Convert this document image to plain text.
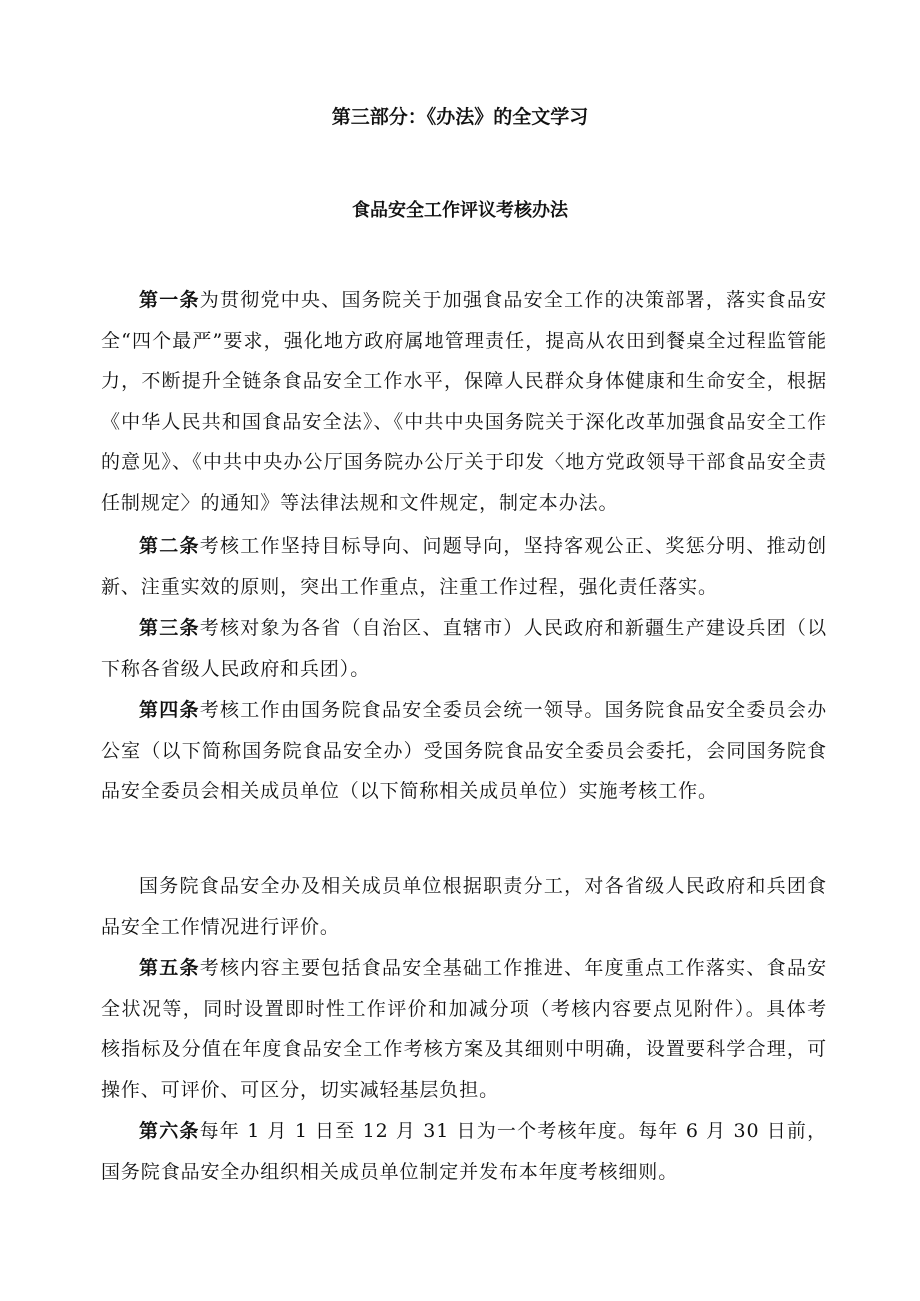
第三部分：《办法》的全文学习
食品安全工作评议考核办法

第一条为贯彻党中央、国务院关于加强食品安全工作的决策部署，落实食品安全“四个最严”要求，强化地方政府属地管理责任，提高从农田到餐桌全过程监管能力，不断提升全链条食品安全工作水平，保障人民群众身体健康和生命安全，根据《中华人民共和国食品安全法》、《中共中央国务院关于深化改革加强食品安全工作的意见》、《中共中央办公厅国务院办公厅关于印发〈地方党政领导干部食品安全责任制规定〉的通知》等法律法规和文件规定，制定本办法。

第二条考核工作坚持目标导向、问题导向，坚持客观公正、奖惩分明、推动创新、注重实效的原则，突出工作重点，注重工作过程，强化责任落实。

第三条考核对象为各省（自治区、直辖市）人民政府和新疆生产建设兵团（以下称各省级人民政府和兵团）。

第四条考核工作由国务院食品安全委员会统一领导。国务院食品安全委员会办公室（以下简称国务院食品安全办）受国务院食品安全委员会委托，会同国务院食品安全委员会相关成员单位（以下简称相关成员单位）实施考核工作。

国务院食品安全办及相关成员单位根据职责分工，对各省级人民政府和兵团食品安全工作情况进行评价。

第五条考核内容主要包括食品安全基础工作推进、年度重点工作落实、食品安全状况等，同时设置即时性工作评价和加减分项（考核内容要点见附件）。具体考核指标及分值在年度食品安全工作考核方案及其细则中明确，设置要科学合理，可操作、可评价、可区分，切实减轻基层负担。

第六条每年 1 月 1 日至 12 月 31 日为一个考核年度。每年 6 月 30 日前，国务院食品安全办组织相关成员单位制定并发布本年度考核细则。
